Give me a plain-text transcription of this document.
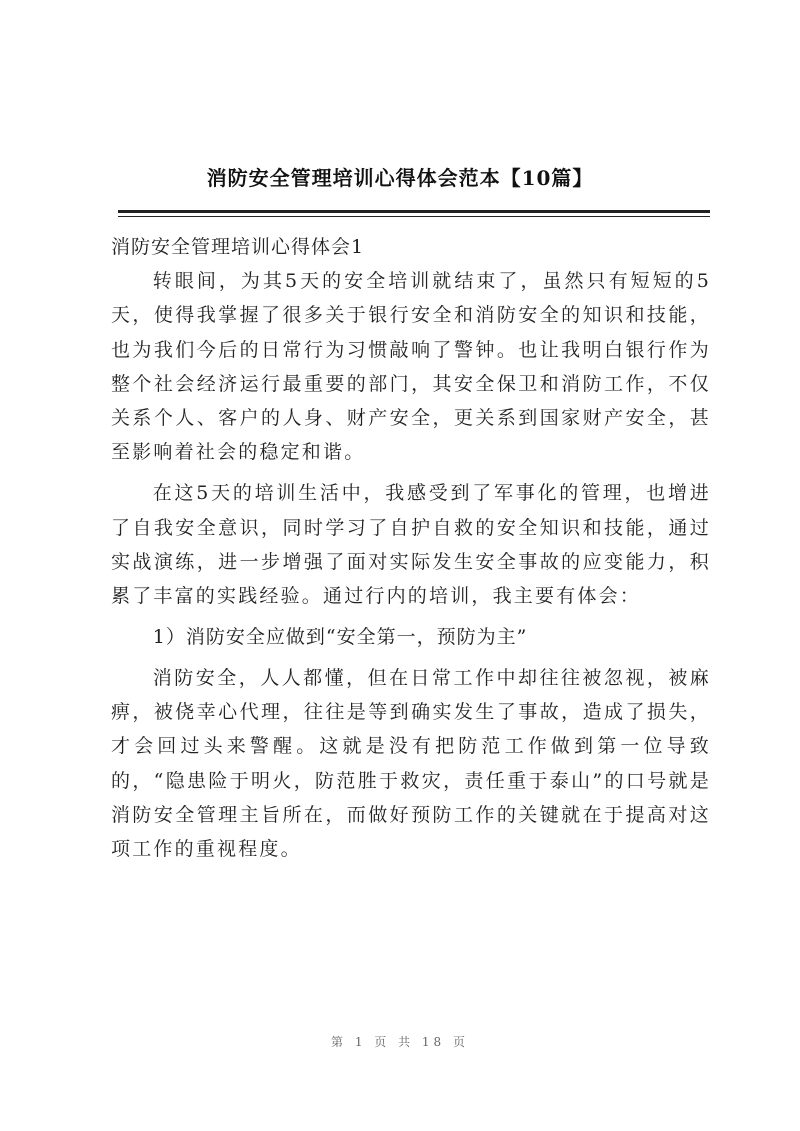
消防安全管理培训心得体会范本【10篇】
消防安全管理培训心得体会1

转眼间，为其5天的安全培训就结束了，虽然只有短短的5天，使得我掌握了很多关于银行安全和消防安全的知识和技能，也为我们今后的日常行为习惯敲响了警钟。也让我明白银行作为整个社会经济运行最重要的部门，其安全保卫和消防工作，不仅关系个人、客户的人身、财产安全，更关系到国家财产安全，甚至影响着社会的稳定和谐。

在这5天的培训生活中，我感受到了军事化的管理，也增进了自我安全意识，同时学习了自护自救的安全知识和技能，通过实战演练，进一步增强了面对实际发生安全事故的应变能力，积累了丰富的实践经验。通过行内的培训，我主要有体会：

1）消防安全应做到“安全第一，预防为主”

消防安全，人人都懂，但在日常工作中却往往被忽视，被麻痹，被侥幸心代理，往往是等到确实发生了事故，造成了损失，才会回过头来警醒。这就是没有把防范工作做到第一位导致的，“隐患险于明火，防范胜于救灾，责任重于泰山”的口号就是消防安全管理主旨所在，而做好预防工作的关键就在于提高对这项工作的重视程度。

第 1 页 共 18 页
